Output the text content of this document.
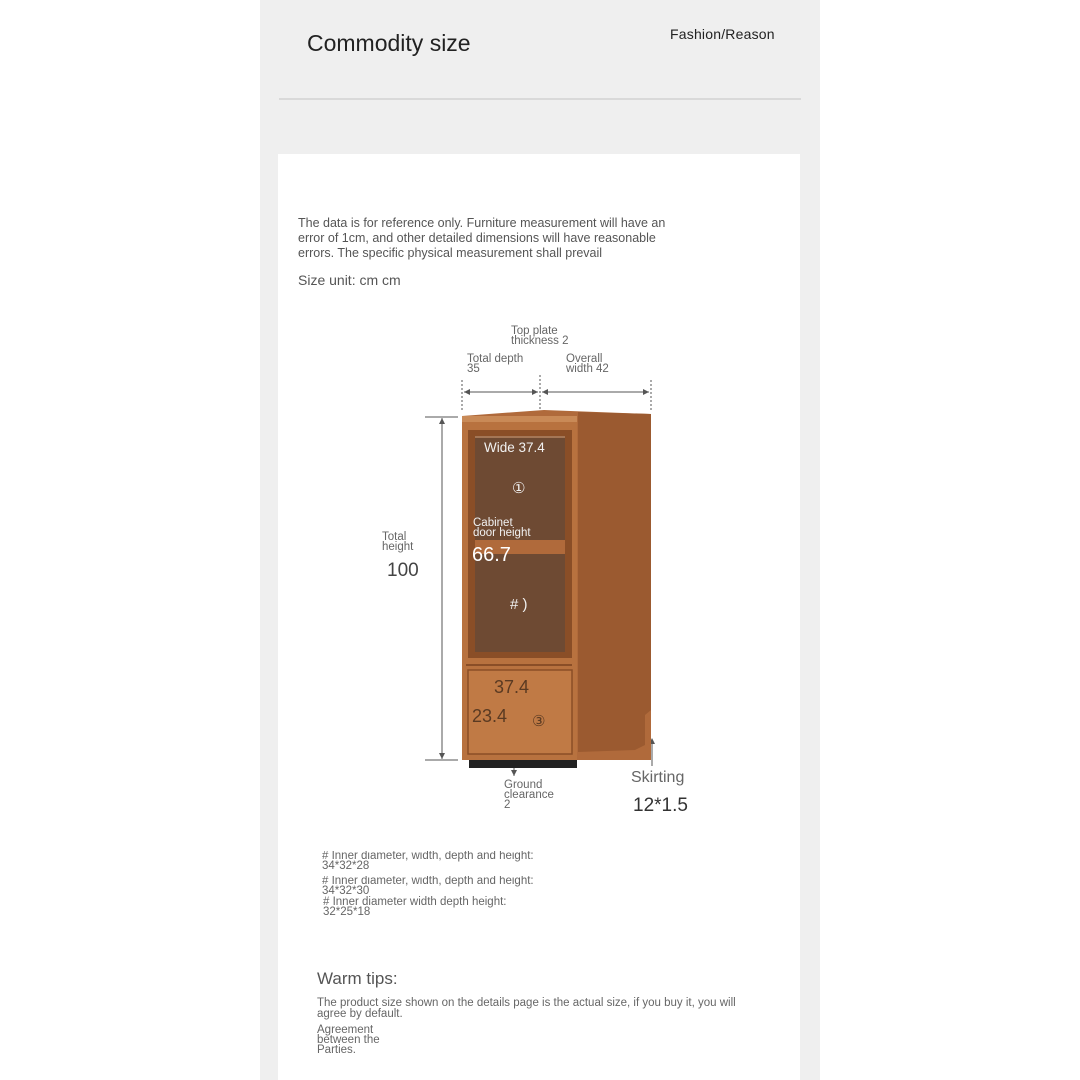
Commodity size	Fashion/Reason
The data is for reference only. Furniture measurement will have an error of 1cm, and other detailed dimensions will have reasonable errors. The specific physical measurement shall prevail
Size unit: cm cm
Top plate
thickness 2
Total depth
35
Overall
width 42
Total
height
100
Wide 37.4
①
Cabinet
door height
66.7
# )
37.4
23.4 ③
Ground
clearance
2
Skirting
12*1.5
# Inner diameter, width, depth and height:
34*32*28
# Inner diameter, width, depth and height:
34*32*30
# Inner diameter width depth height:
32*25*18
Warm tips:
The product size shown on the details page is the actual size, if you buy it, you will agree by default.
Agreement
between the
Parties.
